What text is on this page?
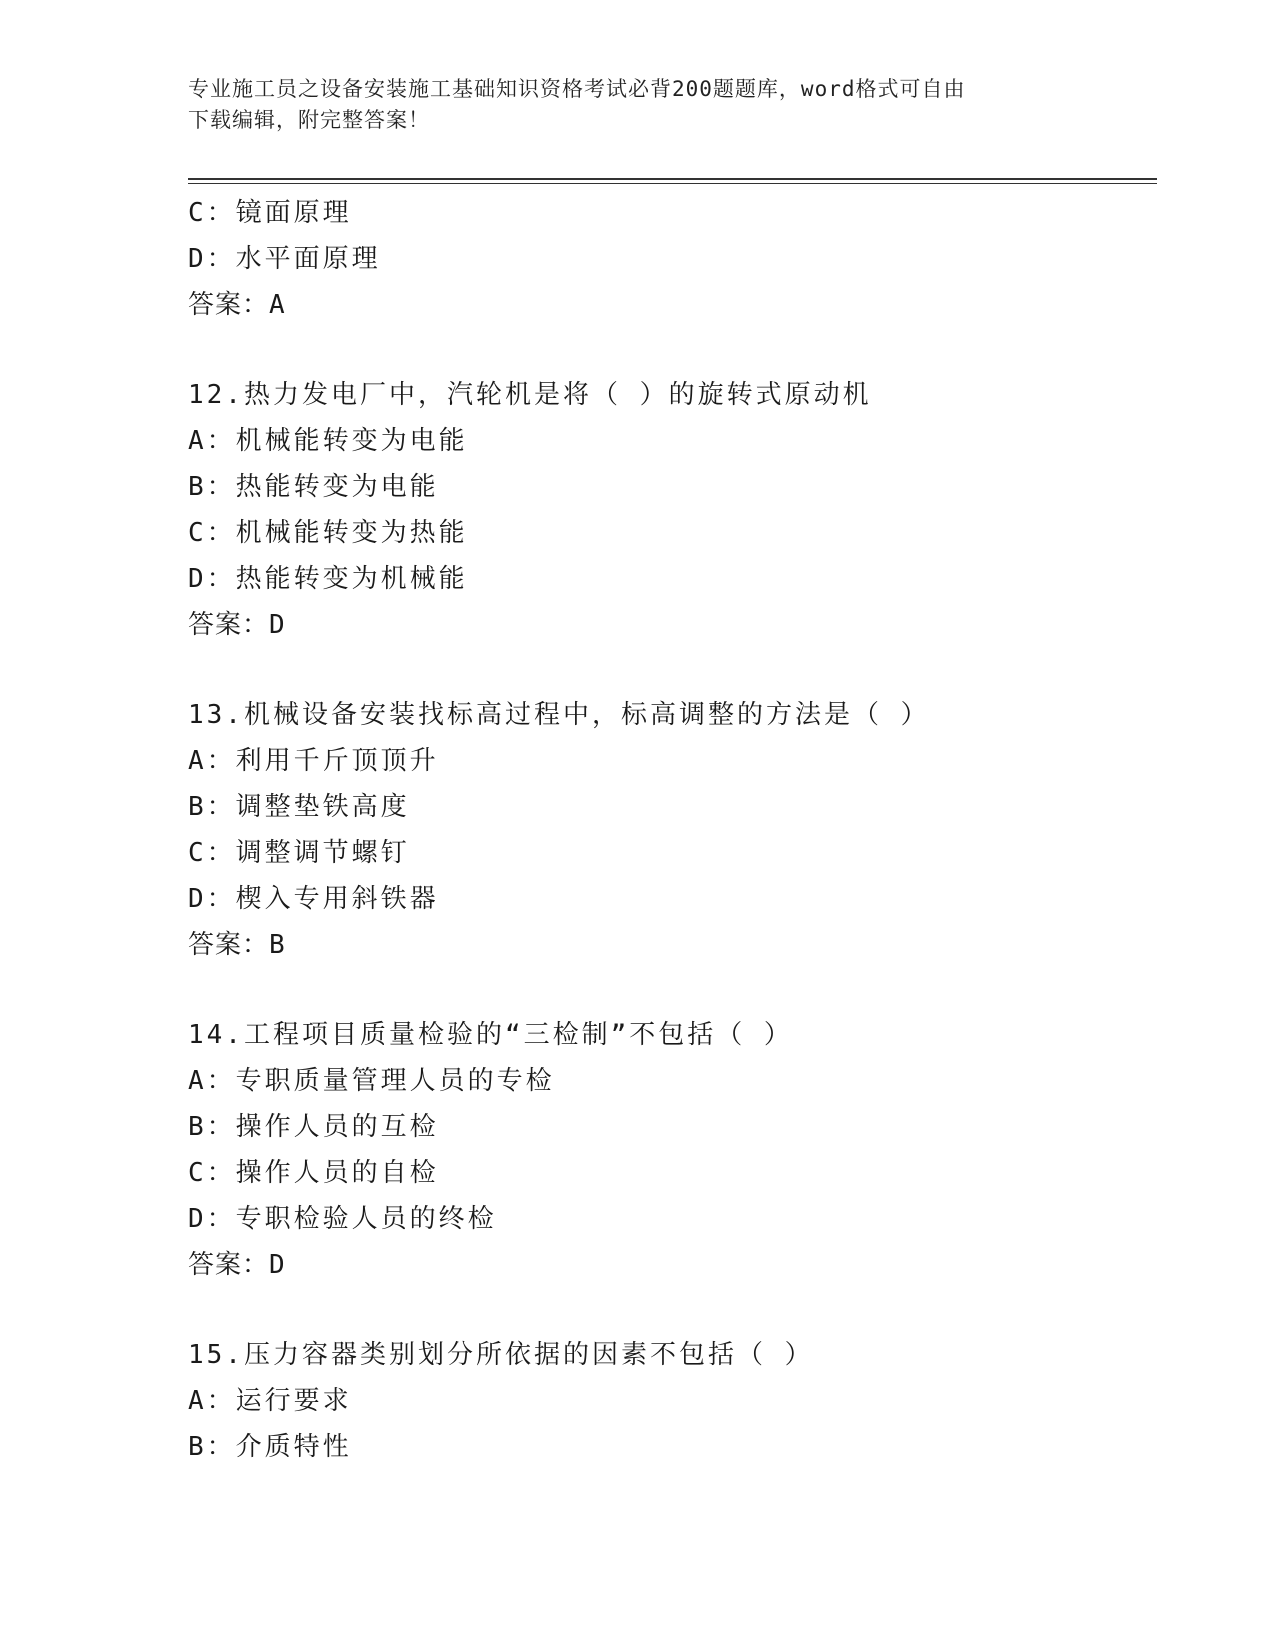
专业施工员之设备安装施工基础知识资格考试必背200题题库，word格式可自由
下载编辑，附完整答案！
C：镜面原理
D：水平面原理
答案：A
12.热力发电厂中，汽轮机是将（ ）的旋转式原动机
A：机械能转变为电能
B：热能转变为电能
C：机械能转变为热能
D：热能转变为机械能
答案：D
13.机械设备安装找标高过程中，标高调整的方法是（ ）
A：利用千斤顶顶升
B：调整垫铁高度
C：调整调节螺钉
D：楔入专用斜铁器
答案：B
14.工程项目质量检验的“三检制”不包括（ ）
A：专职质量管理人员的专检
B：操作人员的互检
C：操作人员的自检
D：专职检验人员的终检
答案：D
15.压力容器类别划分所依据的因素不包括（ ）
A：运行要求
B：介质特性
